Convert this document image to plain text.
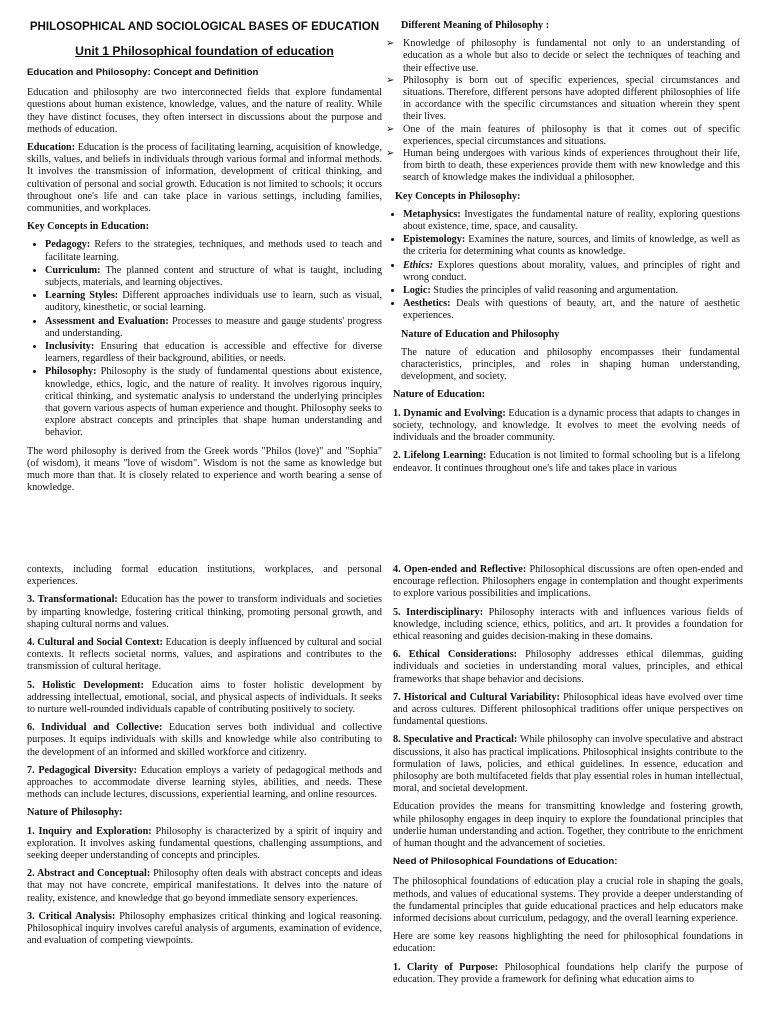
PHILOSOPHICAL AND SOCIOLOGICAL BASES OF EDUCATION
Unit 1 Philosophical foundation of education
Education and Philosophy: Concept and Definition

Education and philosophy are two interconnected fields that explore fundamental questions about human existence, knowledge, values, and the nature of reality. While they have distinct focuses, they often intersect in discussions about the purpose and methods of education.

Education: Education is the process of facilitating learning, acquisition of knowledge, skills, values, and beliefs in individuals through various formal and informal methods. It involves the transmission of information, development of critical thinking, and cultivation of personal and social growth. Education is not limited to schools; it occurs throughout one's life and can take place in various settings, including families, communities, and workplaces.

Key Concepts in Education:
• Pedagogy: Refers to the strategies, techniques, and methods used to teach and facilitate learning.
• Curriculum: The planned content and structure of what is taught, including subjects, materials, and learning objectives.
• Learning Styles: Different approaches individuals use to learn, such as visual, auditory, kinesthetic, or social learning.
• Assessment and Evaluation: Processes to measure and gauge students' progress and understanding.
• Inclusivity: Ensuring that education is accessible and effective for diverse learners, regardless of their background, abilities, or needs.
• Philosophy: Philosophy is the study of fundamental questions about existence, knowledge, ethics, logic, and the nature of reality. It involves rigorous inquiry, critical thinking, and systematic analysis to understand the underlying principles that govern various aspects of human experience and thought. Philosophy seeks to explore abstract concepts and principles that shape human understanding and behavior.

The word philosophy is derived from the Greek words "Philos (love)" and "Sophia" (of wisdom), it means "love of wisdom". Wisdom is not the same as knowledge but much more than that. It is closely related to experience and worth bearing a sense of knowledge.

Different Meaning of Philosophy :
➢ Knowledge of philosophy is fundamental not only to an understanding of education as a whole but also to decide or select the techniques of teaching and their effective use.
➢ Philosophy is born out of specific experiences, special circumstances and situations. Therefore, different persons have adopted different philosophies of life in accordance with the specific circumstances and situation wherein they spent their lives.
➢ One of the main features of philosophy is that it comes out of specific experiences, special circumstances and situations.
➢ Human being undergoes with various kinds of experiences throughout their life, from birth to death, these experiences provide them with new knowledge and this search of knowledge makes the individual a philosopher.
Key Concepts in Philosophy:
• Metaphysics: Investigates the fundamental nature of reality, exploring questions about existence, time, space, and causality.
• Epistemology: Examines the nature, sources, and limits of knowledge, as well as the criteria for determining what counts as knowledge.
• Ethics: Explores questions about morality, values, and principles of right and wrong conduct.
• Logic: Studies the principles of valid reasoning and argumentation.
• Aesthetics: Deals with questions of beauty, art, and the nature of aesthetic experiences.
Nature of Education and Philosophy

The nature of education and philosophy encompasses their fundamental characteristics, principles, and roles in shaping human understanding, development, and society.

Nature of Education:

1. Dynamic and Evolving: Education is a dynamic process that adapts to changes in society, technology, and knowledge. It evolves to meet the evolving needs of individuals and the broader community.

2. Lifelong Learning: Education is not limited to formal schooling but is a lifelong endeavor. It continues throughout one's life and takes place in various

contexts, including formal education institutions, workplaces, and personal experiences.

3. Transformational: Education has the power to transform individuals and societies by imparting knowledge, fostering critical thinking, promoting personal growth, and shaping cultural norms and values.

4. Cultural and Social Context: Education is deeply influenced by cultural and social contexts. It reflects societal norms, values, and aspirations and contributes to the transmission of cultural heritage.

5. Holistic Development: Education aims to foster holistic development by addressing intellectual, emotional, social, and physical aspects of individuals. It seeks to nurture well-rounded individuals capable of contributing positively to society.

6. Individual and Collective: Education serves both individual and collective purposes. It equips individuals with skills and knowledge while also contributing to the development of an informed and skilled workforce and citizenry.

7. Pedagogical Diversity: Education employs a variety of pedagogical methods and approaches to accommodate diverse learning styles, abilities, and needs. These methods can include lectures, discussions, experiential learning, and online resources.

Nature of Philosophy:

1. Inquiry and Exploration: Philosophy is characterized by a spirit of inquiry and exploration. It involves asking fundamental questions, challenging assumptions, and seeking deeper understanding of concepts and principles.

2. Abstract and Conceptual: Philosophy often deals with abstract concepts and ideas that may not have concrete, empirical manifestations. It delves into the nature of reality, existence, and knowledge that go beyond immediate sensory experiences.

3. Critical Analysis: Philosophy emphasizes critical thinking and logical reasoning. Philosophical inquiry involves careful analysis of arguments, examination of evidence, and evaluation of competing viewpoints.

4. Open-ended and Reflective: Philosophical discussions are often open-ended and encourage reflection. Philosophers engage in contemplation and thought experiments to explore various possibilities and implications.

5. Interdisciplinary: Philosophy interacts with and influences various fields of knowledge, including science, ethics, politics, and art. It provides a foundation for ethical reasoning and guides decision-making in these domains.

6. Ethical Considerations: Philosophy addresses ethical dilemmas, guiding individuals and societies in understanding moral values, principles, and ethical frameworks that shape behavior and decisions.

7. Historical and Cultural Variability: Philosophical ideas have evolved over time and across cultures. Different philosophical traditions offer unique perspectives on fundamental questions.

8. Speculative and Practical: While philosophy can involve speculative and abstract discussions, it also has practical implications. Philosophical insights contribute to the formulation of laws, policies, and ethical guidelines. In essence, education and philosophy are both multifaceted fields that play essential roles in human intellectual, moral, and societal development.

Education provides the means for transmitting knowledge and fostering growth, while philosophy engages in deep inquiry to explore the foundational principles that underlie human understanding and action. Together, they contribute to the enrichment of human thought and the advancement of societies.

Need of Philosophical Foundations of Education:

The philosophical foundations of education play a crucial role in shaping the goals, methods, and values of educational systems. They provide a deeper understanding of the fundamental principles that guide educational practices and help educators make informed decisions about curriculum, pedagogy, and the overall learning experience.

Here are some key reasons highlighting the need for philosophical foundations in education:

1. Clarity of Purpose: Philosophical foundations help clarify the purpose of education. They provide a framework for defining what education aims to
